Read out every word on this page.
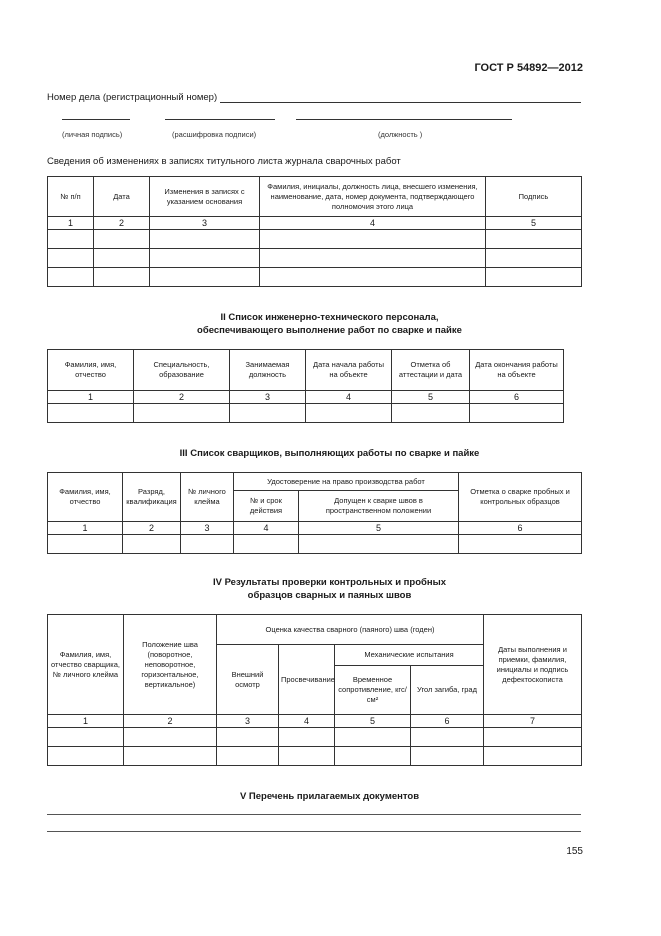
ГОСТ Р 54892—2012
Номер дела (регистрационный номер)
(личная подпись)	(расшифровка подписи)	(должность )
Сведения об изменениях в записях титульного листа журнала сварочных работ
№ п/п	Дата	Изменения в записях с указанием основания	Фамилия, инициалы, должность лица, внесшего изменения, наименование, дата, номер документа, подтверждающего полномочия этого лица	Подпись
1	2	3	4	5

II Список инженерно-технического персонала,
обеспечивающего выполнение работ по сварке и пайке
Фамилия, имя, отчество	Специальность, образование	Занимаемая должность	Дата начала работы на объекте	Отметка об аттестации и дата	Дата окончания работы на объекте
1	2	3	4	5	6

III Список сварщиков, выполняющих работы по сварке и пайке
Фамилия, имя, отчество	Разряд, квалификация	№ личного клейма	Удостоверение на право производства работ		Отметка о сварке пробных и контрольных образцов
			№ и срок действия	Допущен к сварке швов в пространственном положении	
1	2	3	4	5	6

IV Результаты проверки контрольных и пробных
образцов сварных и паяных швов
Фамилия, имя, отчество сварщика, № личного клейма	Положение шва (поворотное, неповоротное, горизонтальное, вертикальное)	Оценка качества сварного (паяного) шва (годен)				Даты выполнения и приемки, фамилия, инициалы и подпись дефектоскописта
		Внешний осмотр	Просвечивание	Механические испытания		
				Временное сопротивление, кгс/см²	Угол загиба, град	
1	2	3	4	5	6	7

V Перечень прилагаемых документов
155
